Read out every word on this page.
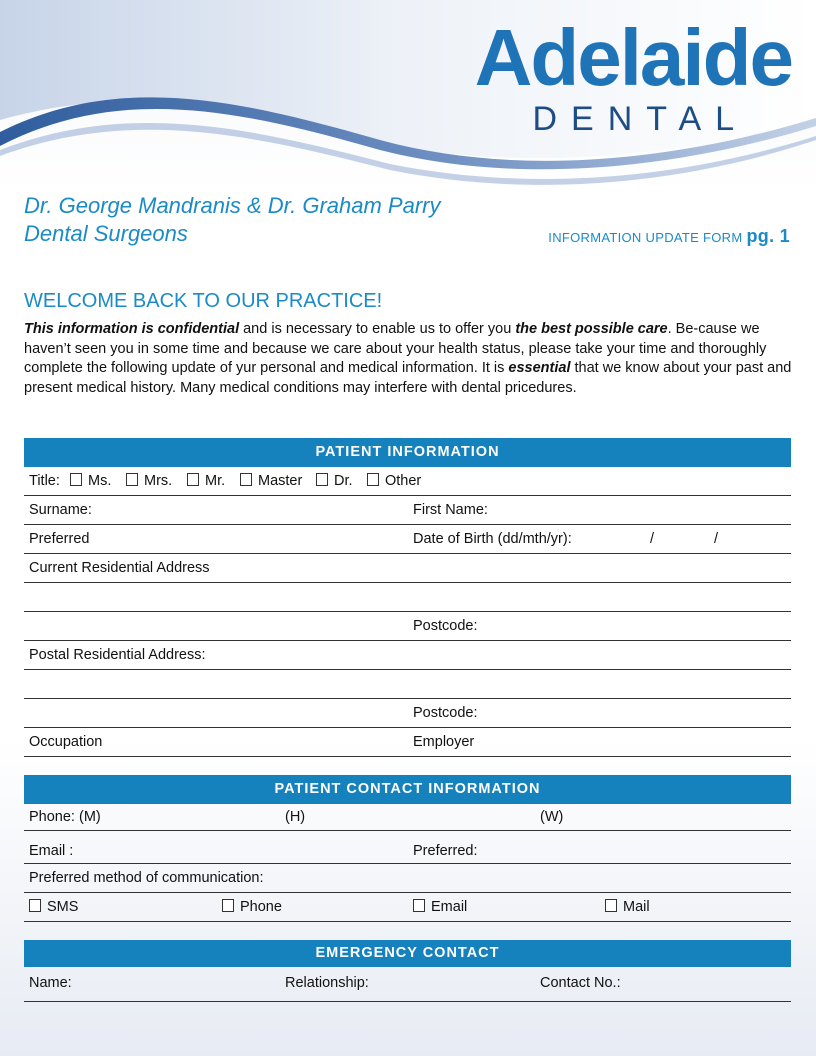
Adelaide
DENTAL
Dr. George Mandranis & Dr. Graham Parry
Dental Surgeons	INFORMATION UPDATE FORM pg. 1
WELCOME BACK TO OUR PRACTICE!
This information is confidential and is necessary to enable us to offer you the best possible care. Be-cause we haven’t seen you in some time and because we care about your health status, please take your time and thoroughly complete the following update of yur personal and medical information. It is essential that we know about your past and present medical history. Many medical conditions may interfere with dental pricedures.
PATIENT INFORMATION
Title:	Ms.	Mrs.	Mr.	Master	Dr.	Other
Surname:	First Name:
Preferred	Date of Birth (dd/mth/yr):	/	/
Current Residential Address
Postcode:
Postal Residential Address:
Postcode:
Occupation	Employer
PATIENT CONTACT INFORMATION
Phone: (M)	(H)	(W)
Email :	Preferred:
Preferred method of communication:
SMS	Phone	Email	Mail
EMERGENCY CONTACT
Name:	Relationship:	Contact No.:
